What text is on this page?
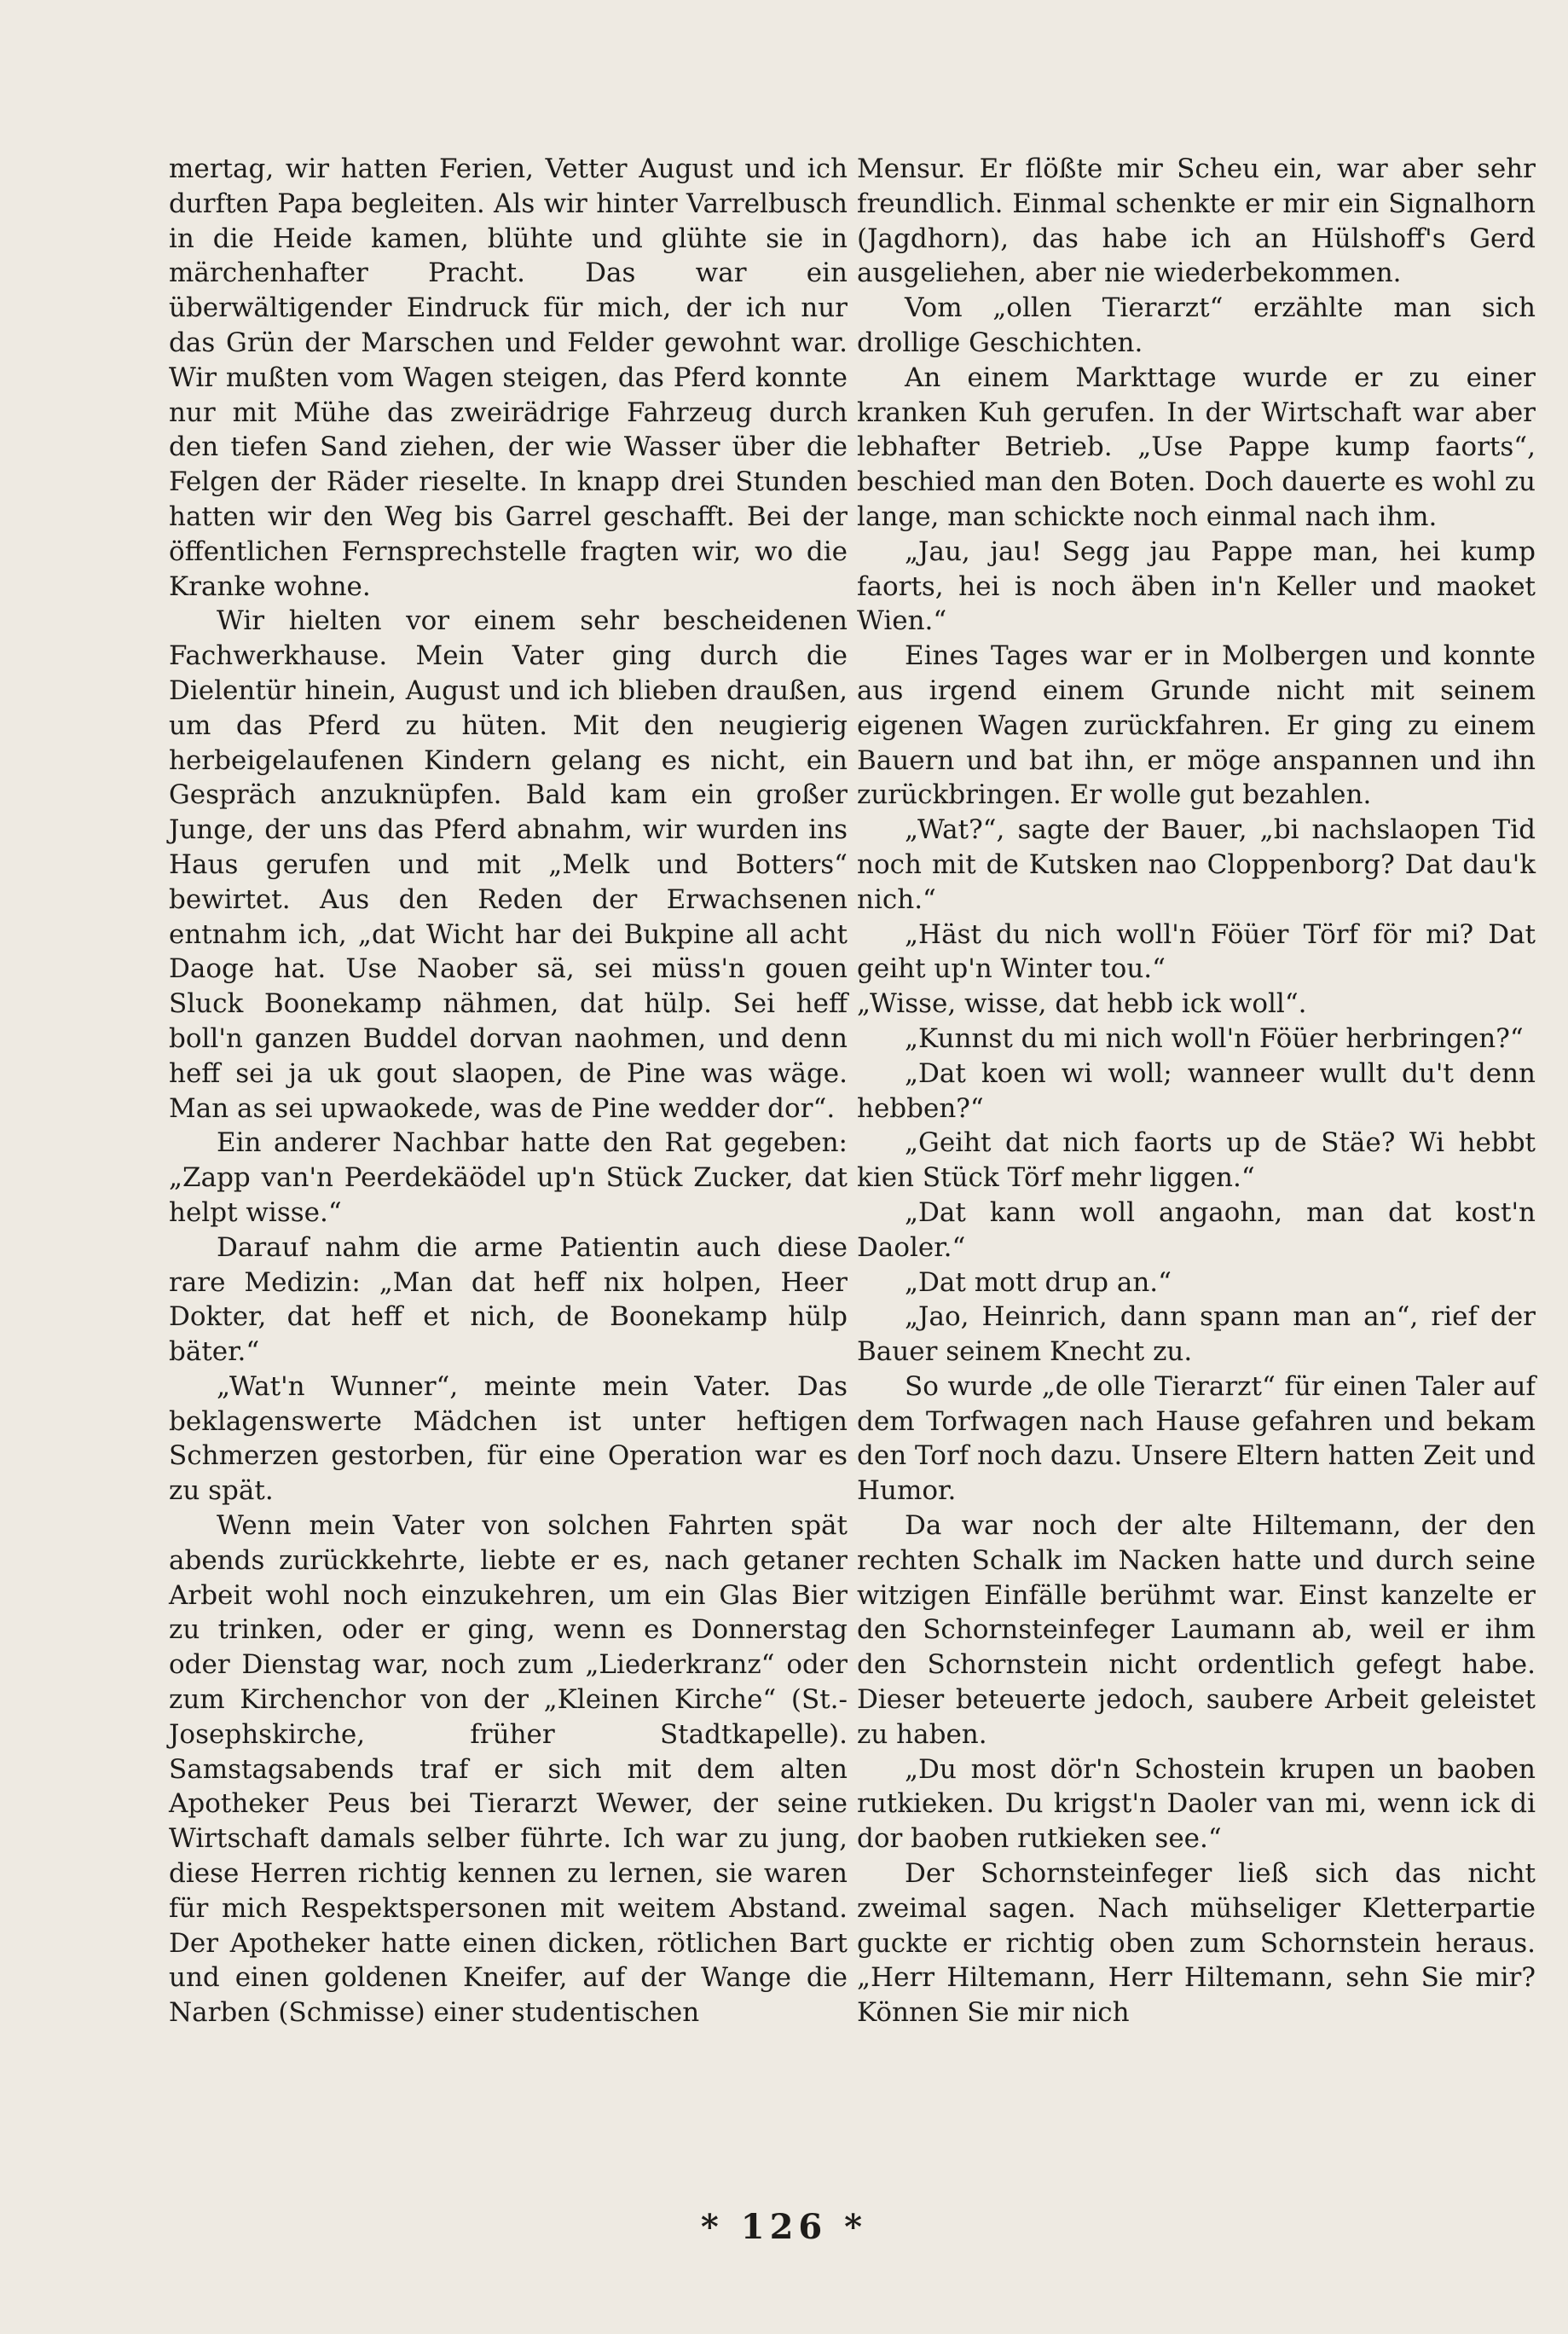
mertag, wir hatten Ferien, Vetter August und ich durften Papa begleiten. Als wir hinter Varrelbusch in die Heide kamen, blühte und glühte sie in märchenhafter Pracht. Das war ein überwältigender Eindruck für mich, der ich nur das Grün der Marschen und Felder gewohnt war. Wir mußten vom Wagen steigen, das Pferd konnte nur mit Mühe das zweirädrige Fahrzeug durch den tiefen Sand ziehen, der wie Wasser über die Felgen der Räder rieselte. In knapp drei Stunden hatten wir den Weg bis Garrel geschafft. Bei der öffentlichen Fernsprechstelle fragten wir, wo die Kranke wohne.

Wir hielten vor einem sehr bescheidenen Fachwerkhause. Mein Vater ging durch die Dielentür hinein, August und ich blieben draußen, um das Pferd zu hüten. Mit den neugierig herbeigelaufenen Kindern gelang es nicht, ein Gespräch anzuknüpfen. Bald kam ein großer Junge, der uns das Pferd abnahm, wir wurden ins Haus gerufen und mit „Melk und Botters“ bewirtet. Aus den Reden der Erwachsenen entnahm ich, „dat Wicht har dei Bukpine all acht Daoge hat. Use Naober sä, sei müss'n gouen Sluck Boonekamp nähmen, dat hülp. Sei heff boll'n ganzen Buddel dorvan naohmen, und denn heff sei ja uk gout slaopen, de Pine was wäge. Man as sei upwaokede, was de Pine wedder dor“.

Ein anderer Nachbar hatte den Rat gegeben: „Zapp van'n Peerdekäödel up'n Stück Zucker, dat helpt wisse.“

Darauf nahm die arme Patientin auch diese rare Medizin: „Man dat heff nix holpen, Heer Dokter, dat heff et nich, de Boonekamp hülp bäter.“

„Wat'n Wunner“, meinte mein Vater. Das beklagenswerte Mädchen ist unter heftigen Schmerzen gestorben, für eine Operation war es zu spät.

Wenn mein Vater von solchen Fahrten spät abends zurückkehrte, liebte er es, nach getaner Arbeit wohl noch einzukehren, um ein Glas Bier zu trinken, oder er ging, wenn es Donnerstag oder Dienstag war, noch zum „Liederkranz“ oder zum Kirchenchor von der „Kleinen Kirche“ (St.-Josephskirche, früher Stadtkapelle). Samstagsabends traf er sich mit dem alten Apotheker Peus bei Tierarzt Wewer, der seine Wirtschaft damals selber führte. Ich war zu jung, diese Herren richtig kennen zu lernen, sie waren für mich Respektspersonen mit weitem Abstand. Der Apotheker hatte einen dicken, rötlichen Bart und einen goldenen Kneifer, auf der Wange die Narben (Schmisse) einer studentischen

Mensur. Er flößte mir Scheu ein, war aber sehr freundlich. Einmal schenkte er mir ein Signalhorn (Jagdhorn), das habe ich an Hülshoff's Gerd ausgeliehen, aber nie wiederbekommen.

Vom „ollen Tierarzt“ erzählte man sich drollige Geschichten.

An einem Markttage wurde er zu einer kranken Kuh gerufen. In der Wirtschaft war aber lebhafter Betrieb. „Use Pappe kump faorts“, beschied man den Boten. Doch dauerte es wohl zu lange, man schickte noch einmal nach ihm.

„Jau, jau! Segg jau Pappe man, hei kump faorts, hei is noch äben in'n Keller und maoket Wien.“

Eines Tages war er in Molbergen und konnte aus irgend einem Grunde nicht mit seinem eigenen Wagen zurückfahren. Er ging zu einem Bauern und bat ihn, er möge anspannen und ihn zurückbringen. Er wolle gut bezahlen.

„Wat?“, sagte der Bauer, „bi nachslaopen Tid noch mit de Kutsken nao Cloppenborg? Dat dau'k nich.“

„Häst du nich woll'n Föüer Törf för mi? Dat geiht up'n Winter tou.“

„Wisse, wisse, dat hebb ick woll“.

„Kunnst du mi nich woll'n Föüer herbringen?“

„Dat koen wi woll; wanneer wullt du't denn hebben?“

„Geiht dat nich faorts up de Stäe? Wi hebbt kien Stück Törf mehr liggen.“

„Dat kann woll angaohn, man dat kost'n Daoler.“

„Dat mott drup an.“

„Jao, Heinrich, dann spann man an“, rief der Bauer seinem Knecht zu.

So wurde „de olle Tierarzt“ für einen Taler auf dem Torfwagen nach Hause gefahren und bekam den Torf noch dazu. Unsere Eltern hatten Zeit und Humor.

Da war noch der alte Hiltemann, der den rechten Schalk im Nacken hatte und durch seine witzigen Einfälle berühmt war. Einst kanzelte er den Schornsteinfeger Laumann ab, weil er ihm den Schornstein nicht ordentlich gefegt habe. Dieser beteuerte jedoch, saubere Arbeit geleistet zu haben.

„Du most dör'n Schostein krupen un baoben rutkieken. Du krigst'n Daoler van mi, wenn ick di dor baoben rutkieken see.“

Der Schornsteinfeger ließ sich das nicht zweimal sagen. Nach mühseliger Kletterpartie guckte er richtig oben zum Schornstein heraus. „Herr Hiltemann, Herr Hiltemann, sehn Sie mir? Können Sie mir nich

* 126 *
